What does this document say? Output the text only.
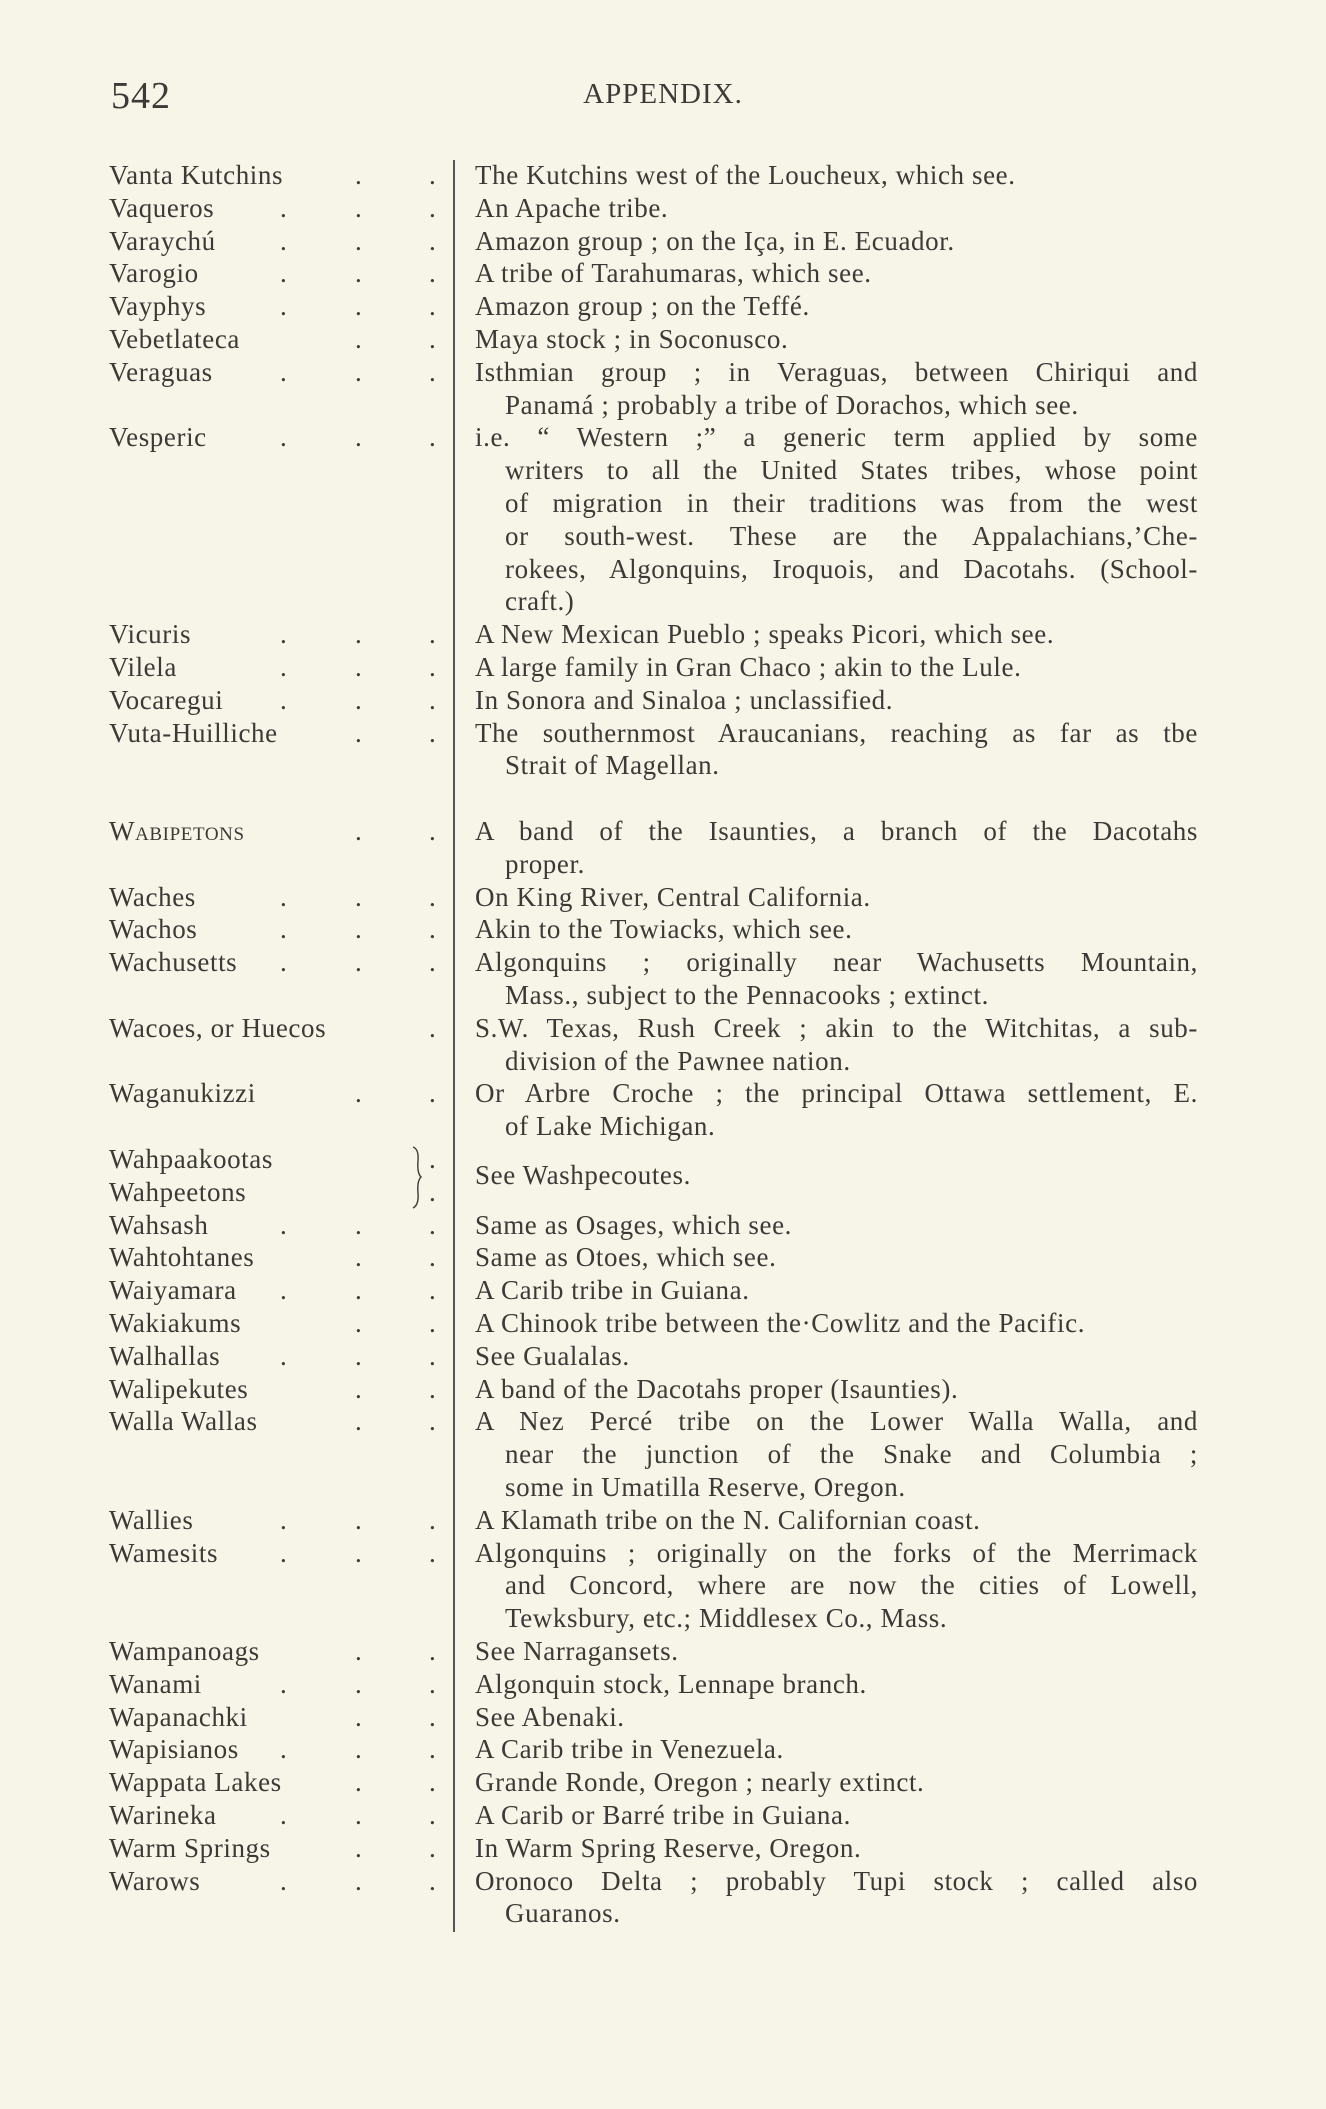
542	APPENDIX.
Vanta Kutchins	. . The Kutchins west of the Loucheux, which see.
Vaqueros .	. . An Apache tribe.
Varaychú .	. . Amazon group ; on the Iça, in E. Ecuador.
Varogio	.	. . A tribe of Tarahumaras, which see.
Vayphys	.	. . Amazon group ; on the Teffé.
Vebetlateca	. . Maya stock ; in Soconusco.
Veraguas .	. . Isthmian group ; in Veraguas, between Chiriqui and
Panamá ; probably a tribe of Dorachos, which see.
Vesperic	.	. . i.e. “ Western ;” a generic term applied by some
writers to all the United States tribes, whose point
of migration in their traditions was from the west
or south-west. These are the Appalachians,’Che-
rokees, Algonquins, Iroquois, and Dacotahs. (School-
craft.)
Vicuris	.	. . A New Mexican Pueblo ; speaks Picori, which see.
Vilela	.	. . A large family in Gran Chaco ; akin to the Lule.
Vocaregui .	. . In Sonora and Sinaloa ; unclassified.
Vuta-Huilliche	. . The southernmost Araucanians, reaching as far as tbe
Strait of Magellan.
Wabipetons	. . A band of the Isaunties, a branch of the Dacotahs
proper.
Waches	.	. . On King River, Central California.
Wachos	.	. . Akin to the Towiacks, which see.
Wachusetts .	. . Algonquins ; originally near Wachusetts Mountain,
Mass., subject to the Pennacooks ; extinct.
Wacoes, or Huecos	. S.W. Texas, Rush Creek ; akin to the Witchitas, a sub-
division of the Pawnee nation.
Waganukizzi	. . Or Arbre Croche ; the principal Ottawa settlement, E.
of Lake Michigan.
Wahpaakootas	.
Wahpeetons	.
See Washpecoutes.
Wahsash	.	. . Same as Osages, which see.
Wahtohtanes	. . Same as Otoes, which see.
Waiyamara .	. . A Carib tribe in Guiana.
Wakiakums	. . A Chinook tribe between the·Cowlitz and the Pacific.
Walhallas .	. . See Gualalas.
Walipekutes	. . A band of the Dacotahs proper (Isaunties).
Walla Wallas	. . A Nez Percé tribe on the Lower Walla Walla, and
near the junction of the Snake and Columbia ;
some in Umatilla Reserve, Oregon.
Wallies	.	. . A Klamath tribe on the N. Californian coast.
Wamesits .	. . Algonquins ; originally on the forks of the Merrimack
and Concord, where are now the cities of Lowell,
Tewksbury, etc.; Middlesex Co., Mass.
Wampanoags	. . See Narragansets.
Wanami	.	. . Algonquin stock, Lennape branch.
Wapanachki	. . See Abenaki.
Wapisianos .	. . A Carib tribe in Venezuela.
Wappata Lakes	. . Grande Ronde, Oregon ; nearly extinct.
Warineka .	. . A Carib or Barré tribe in Guiana.
Warm Springs	. . In Warm Spring Reserve, Oregon.
Warows	.	. . Oronoco Delta ; probably Tupi stock ; called also
Guaranos.
